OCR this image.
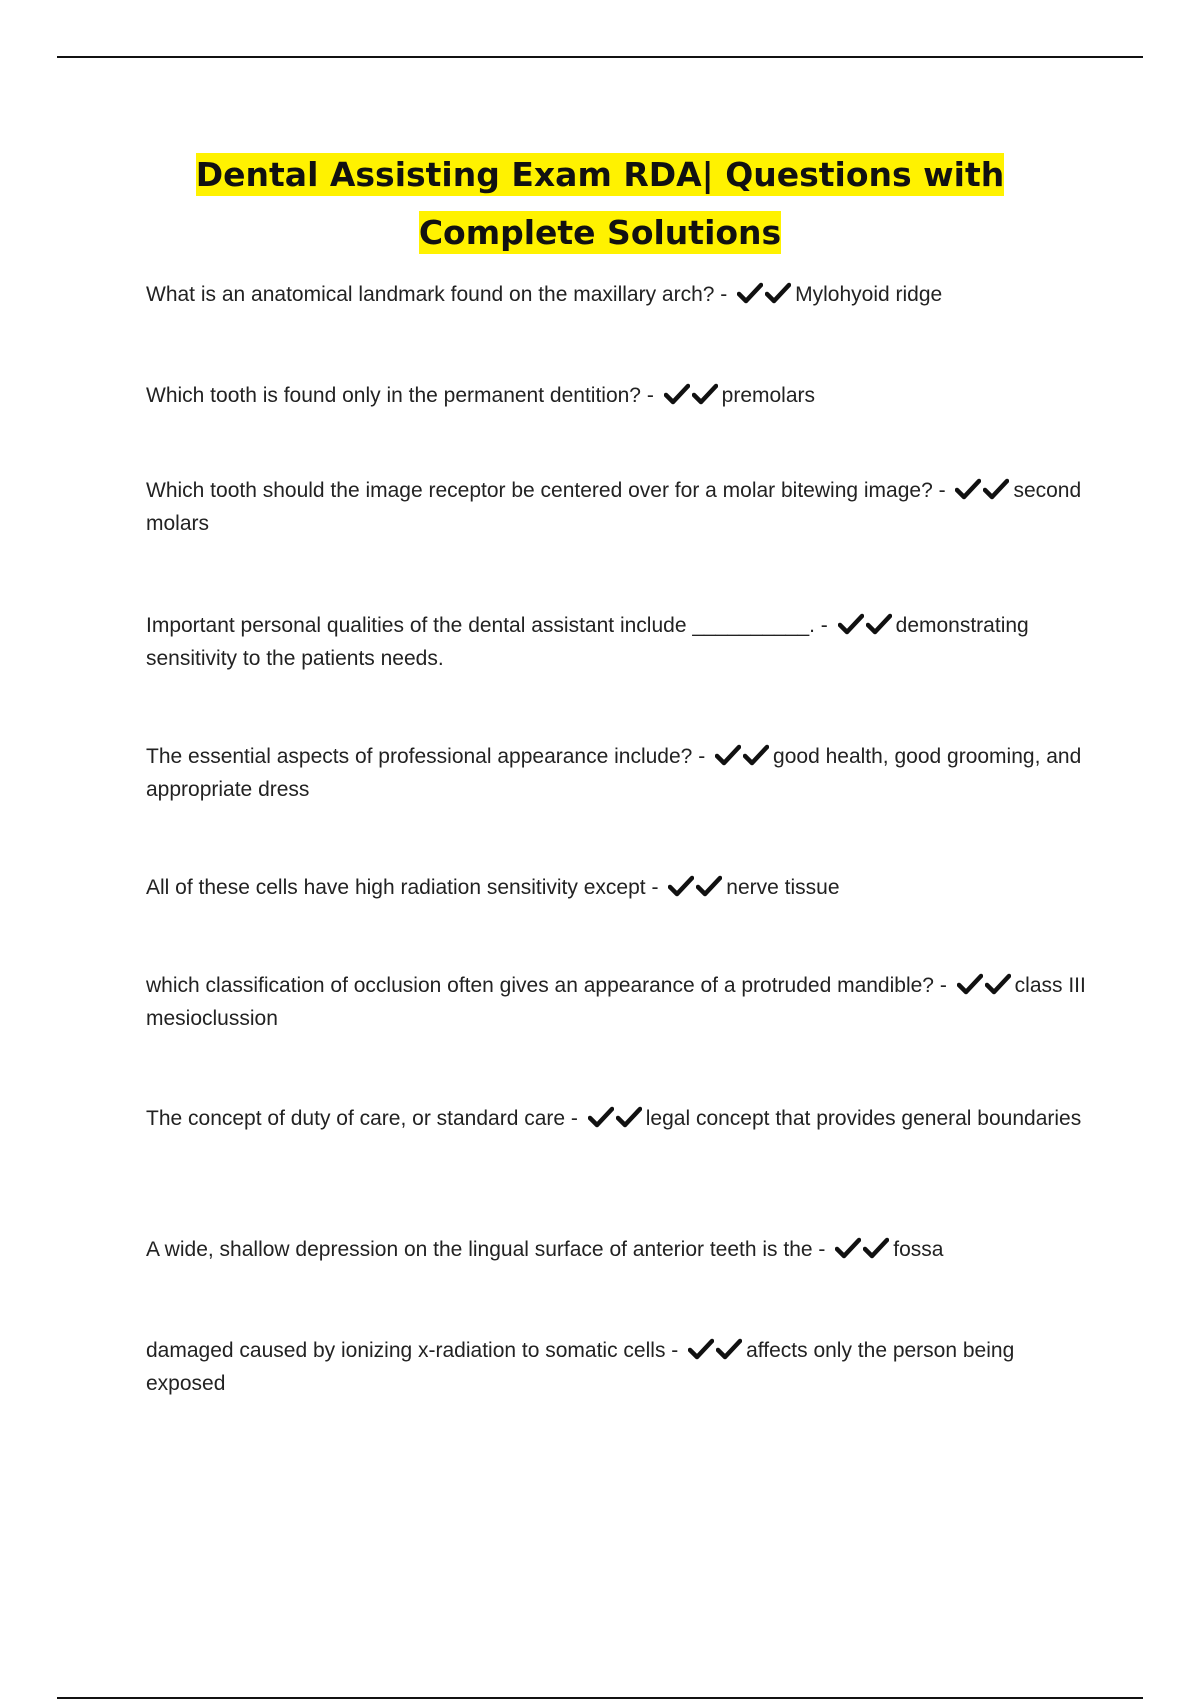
Dental Assisting Exam RDA| Questions with
Complete Solutions
What is an anatomical landmark found on the maxillary arch? -	Mylohyoid ridge
Which tooth is found only in the permanent dentition? -	premolars
Which tooth should the image receptor be centered over for a molar bitewing image? -	second molars
Important personal qualities of the dental assistant include __________. -	demonstrating sensitivity to the patients needs.
The essential aspects of professional appearance include? -	good health, good grooming, and appropriate dress
All of these cells have high radiation sensitivity except -	nerve tissue
which classification of occlusion often gives an appearance of a protruded mandible? -	class III mesioclussion
The concept of duty of care, or standard care -	legal concept that provides general boundaries
A wide, shallow depression on the lingual surface of anterior teeth is the -	fossa
damaged caused by ionizing x-radiation to somatic cells -	affects only the person being exposed
